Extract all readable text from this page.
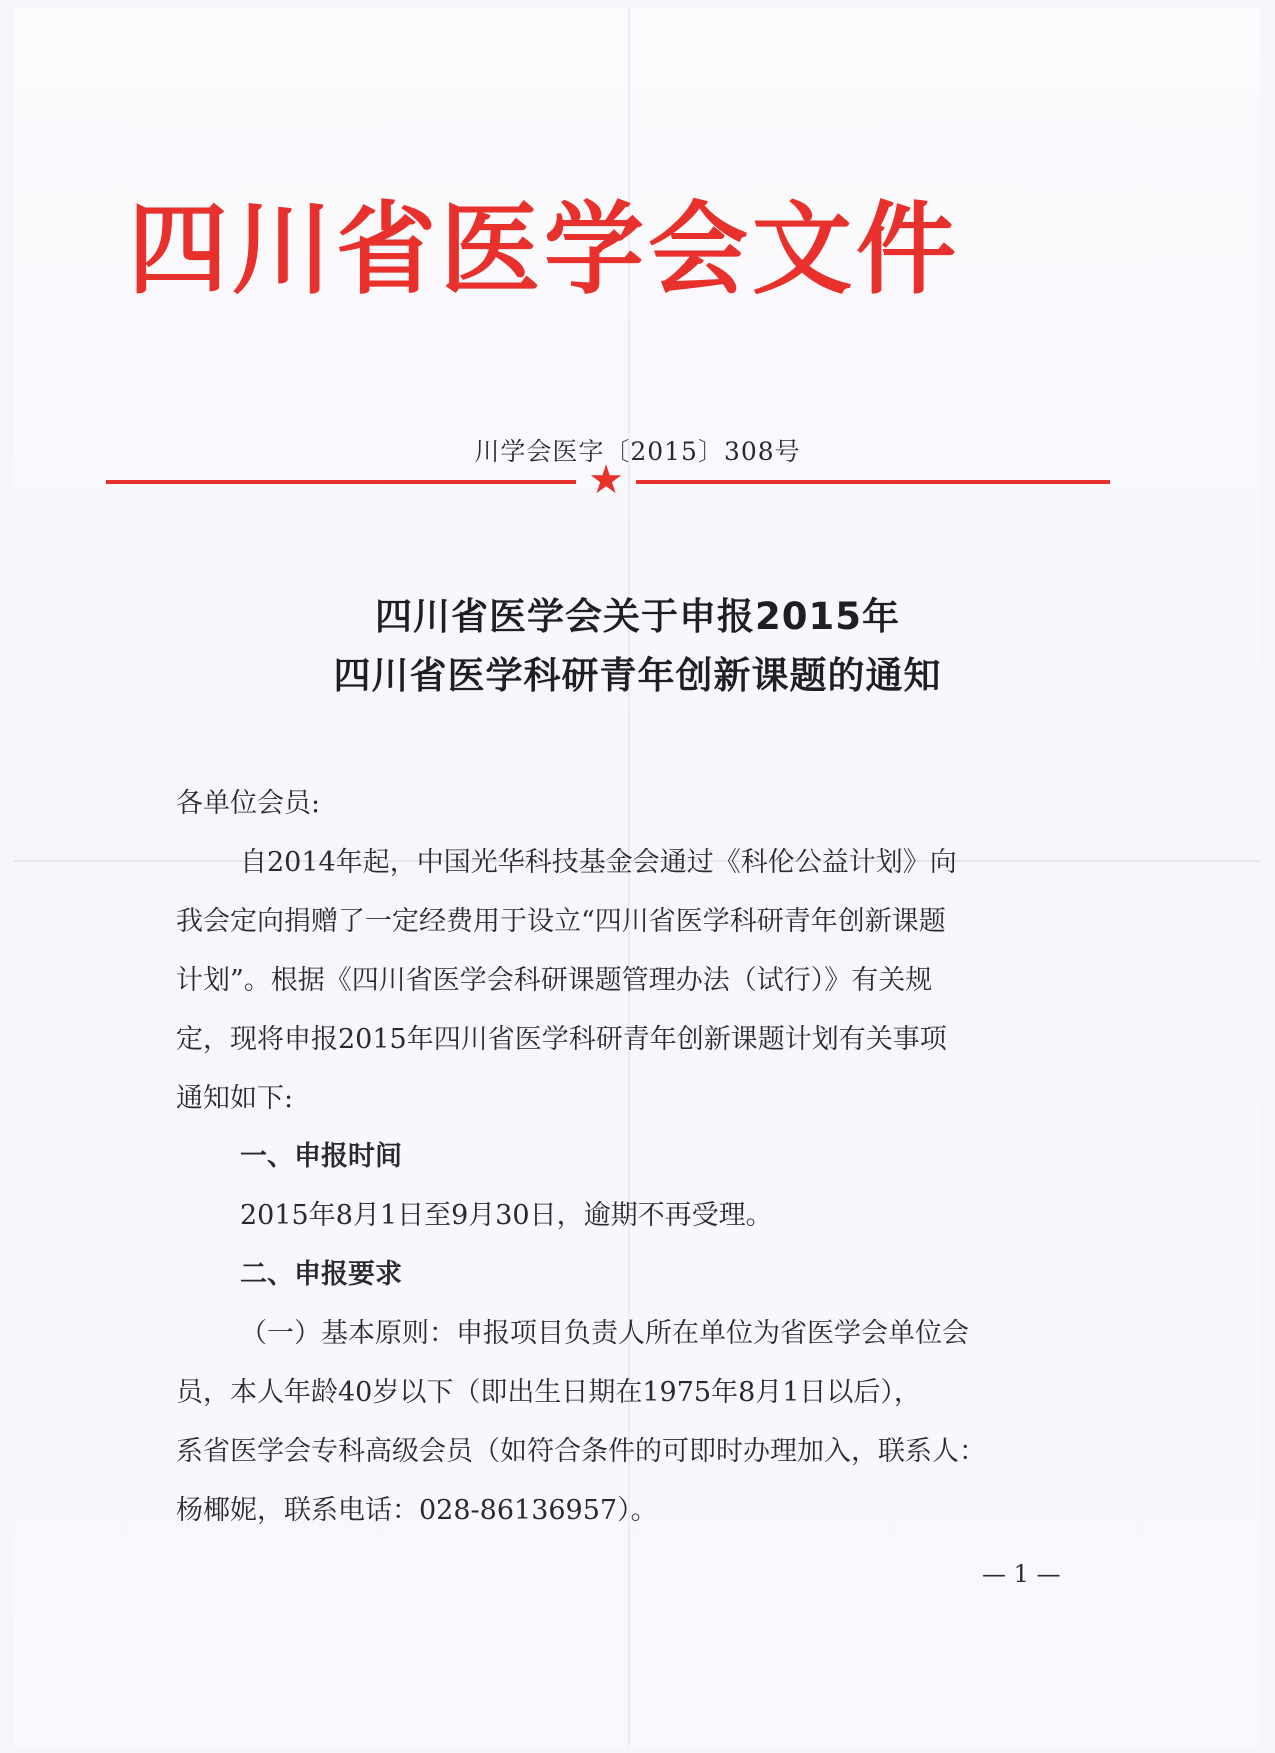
四川省医学会文件
川学会医字〔2015〕308号
★
四川省医学会关于申报2015年
四川省医学科研青年创新课题的通知
各单位会员:
自2014年起，中国光华科技基金会通过《科伦公益计划》向
我会定向捐赠了一定经费用于设立“四川省医学科研青年创新课题
计划”。根据《四川省医学会科研课题管理办法（试行）》有关规
定，现将申报2015年四川省医学科研青年创新课题计划有关事项
通知如下:
一、申报时间
2015年8月1日至9月30日，逾期不再受理。
二、申报要求
（一）基本原则：申报项目负责人所在单位为省医学会单位会
员，本人年龄40岁以下（即出生日期在1975年8月1日以后），
系省医学会专科高级会员（如符合条件的可即时办理加入，联系人：
杨椰妮，联系电话：028-86136957）。
— 1 —
